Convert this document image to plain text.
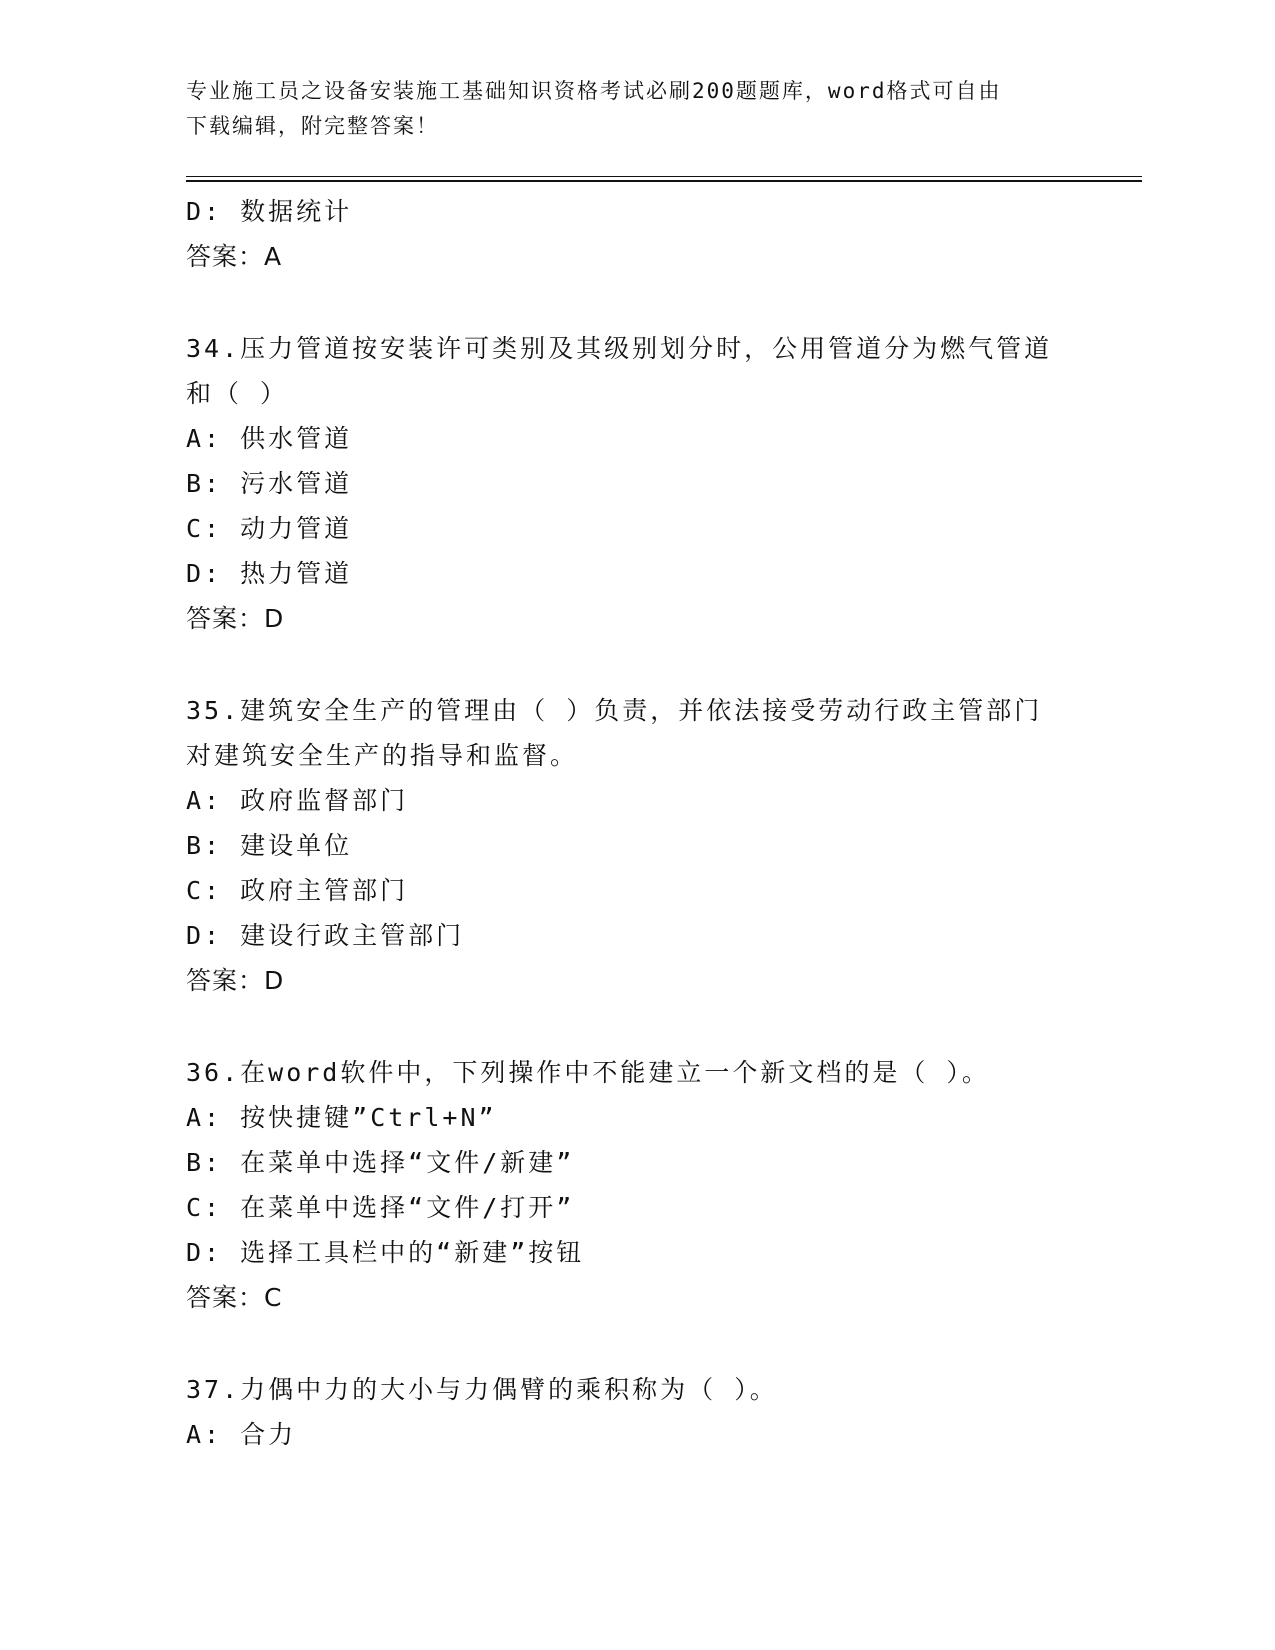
专业施工员之设备安装施工基础知识资格考试必刷200题题库，word格式可自由
下载编辑，附完整答案！
D: 数据统计
答案：A
34.压力管道按安装许可类别及其级别划分时，公用管道分为燃气管道
和（ ）
A: 供水管道
B: 污水管道
C: 动力管道
D: 热力管道
答案：D
35.建筑安全生产的管理由（ ）负责，并依法接受劳动行政主管部门
对建筑安全生产的指导和监督。
A: 政府监督部门
B: 建设单位
C: 政府主管部门
D: 建设行政主管部门
答案：D
36.在word软件中，下列操作中不能建立一个新文档的是（ ）。
A: 按快捷键”Ctrl+N”
B: 在菜单中选择“文件/新建”
C: 在菜单中选择“文件/打开”
D: 选择工具栏中的“新建”按钮
答案：C
37.力偶中力的大小与力偶臂的乘积称为（ ）。
A: 合力
